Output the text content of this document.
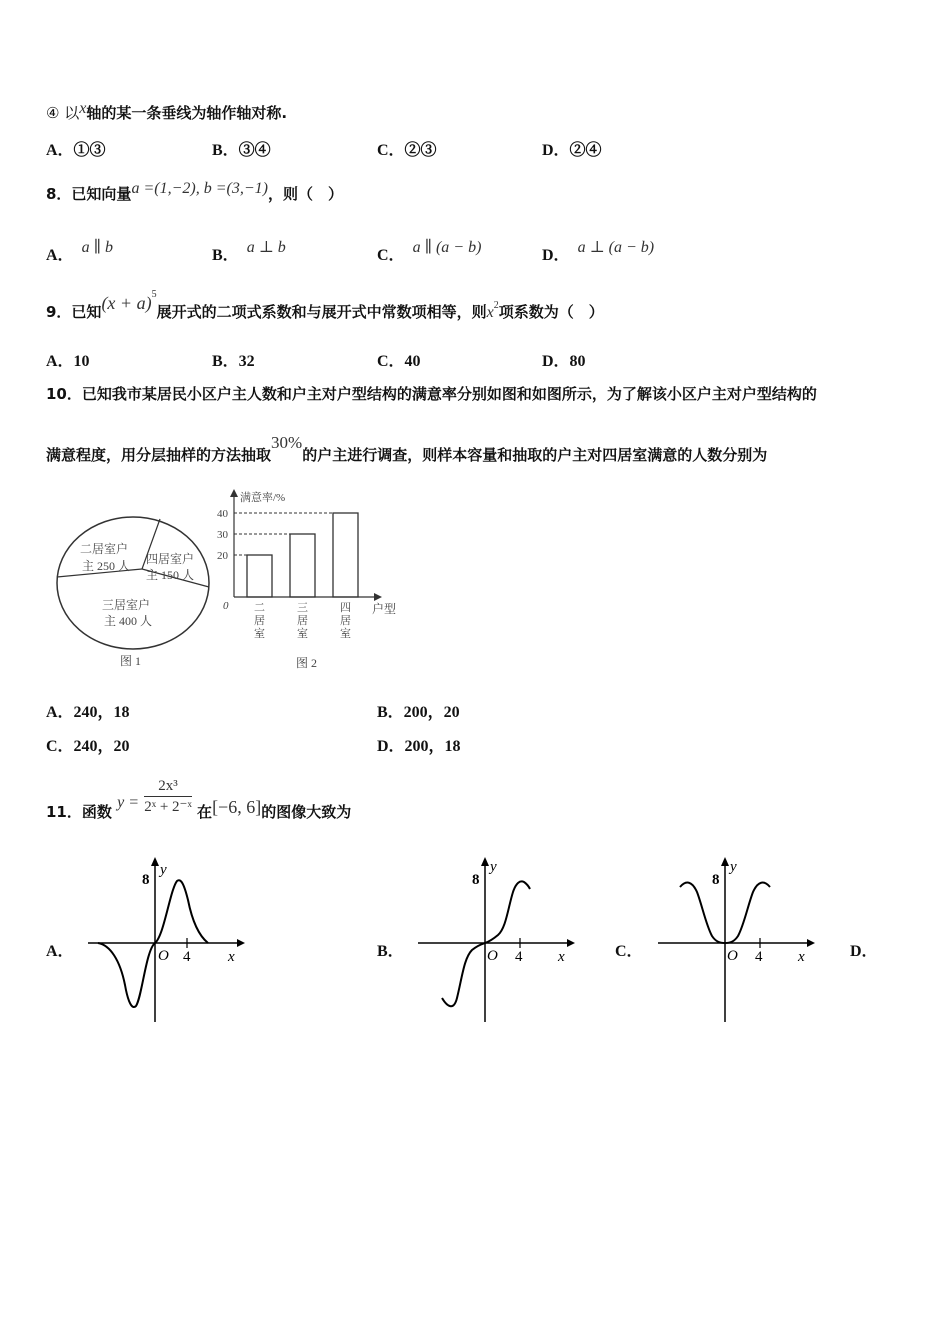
④ 以x轴的某一条垂线为轴作轴对称.
A．①③	B．③④	C．②③	D．②④
8．已知向量a =(1,−2), b =(3,−1)，则（　）
A． a ∥ b	B． a ⊥ b	C． a ∥ (a − b)	D． a ⊥ (a − b)
9．已知$(x + a)^5$展开式的二项式系数和与展开式中常数项相等，则$x^2$项系数为（　）
A．10	B．32	C．40	D．80
10．已知我市某居民小区户主人数和户主对户型结构的满意率分别如图和如图所示，为了解该小区户主对户型结构的
满意程度，用分层抽样的方法抽取30%的户主进行调查，则样本容量和抽取的户主对四居室满意的人数分别为
二居室户
主 250 人 四居室户
主 150 人
三居室户
主 400 人
图 1
满意率/%
户型
0
20
二
居
室
30
三
居
室
40
四
居
室
图 2
A．240，18	B．200，20
C．240，20	D．200，18
11．函数 $y = \frac{\text{2x³}}{\text{2ˣ + 2⁻ˣ}}$ 在[−6, 6]的图像大致为
A．
8
y
O 4	x	B．
8
y
O 4 x	C．
8
y
O 4 x	D．
